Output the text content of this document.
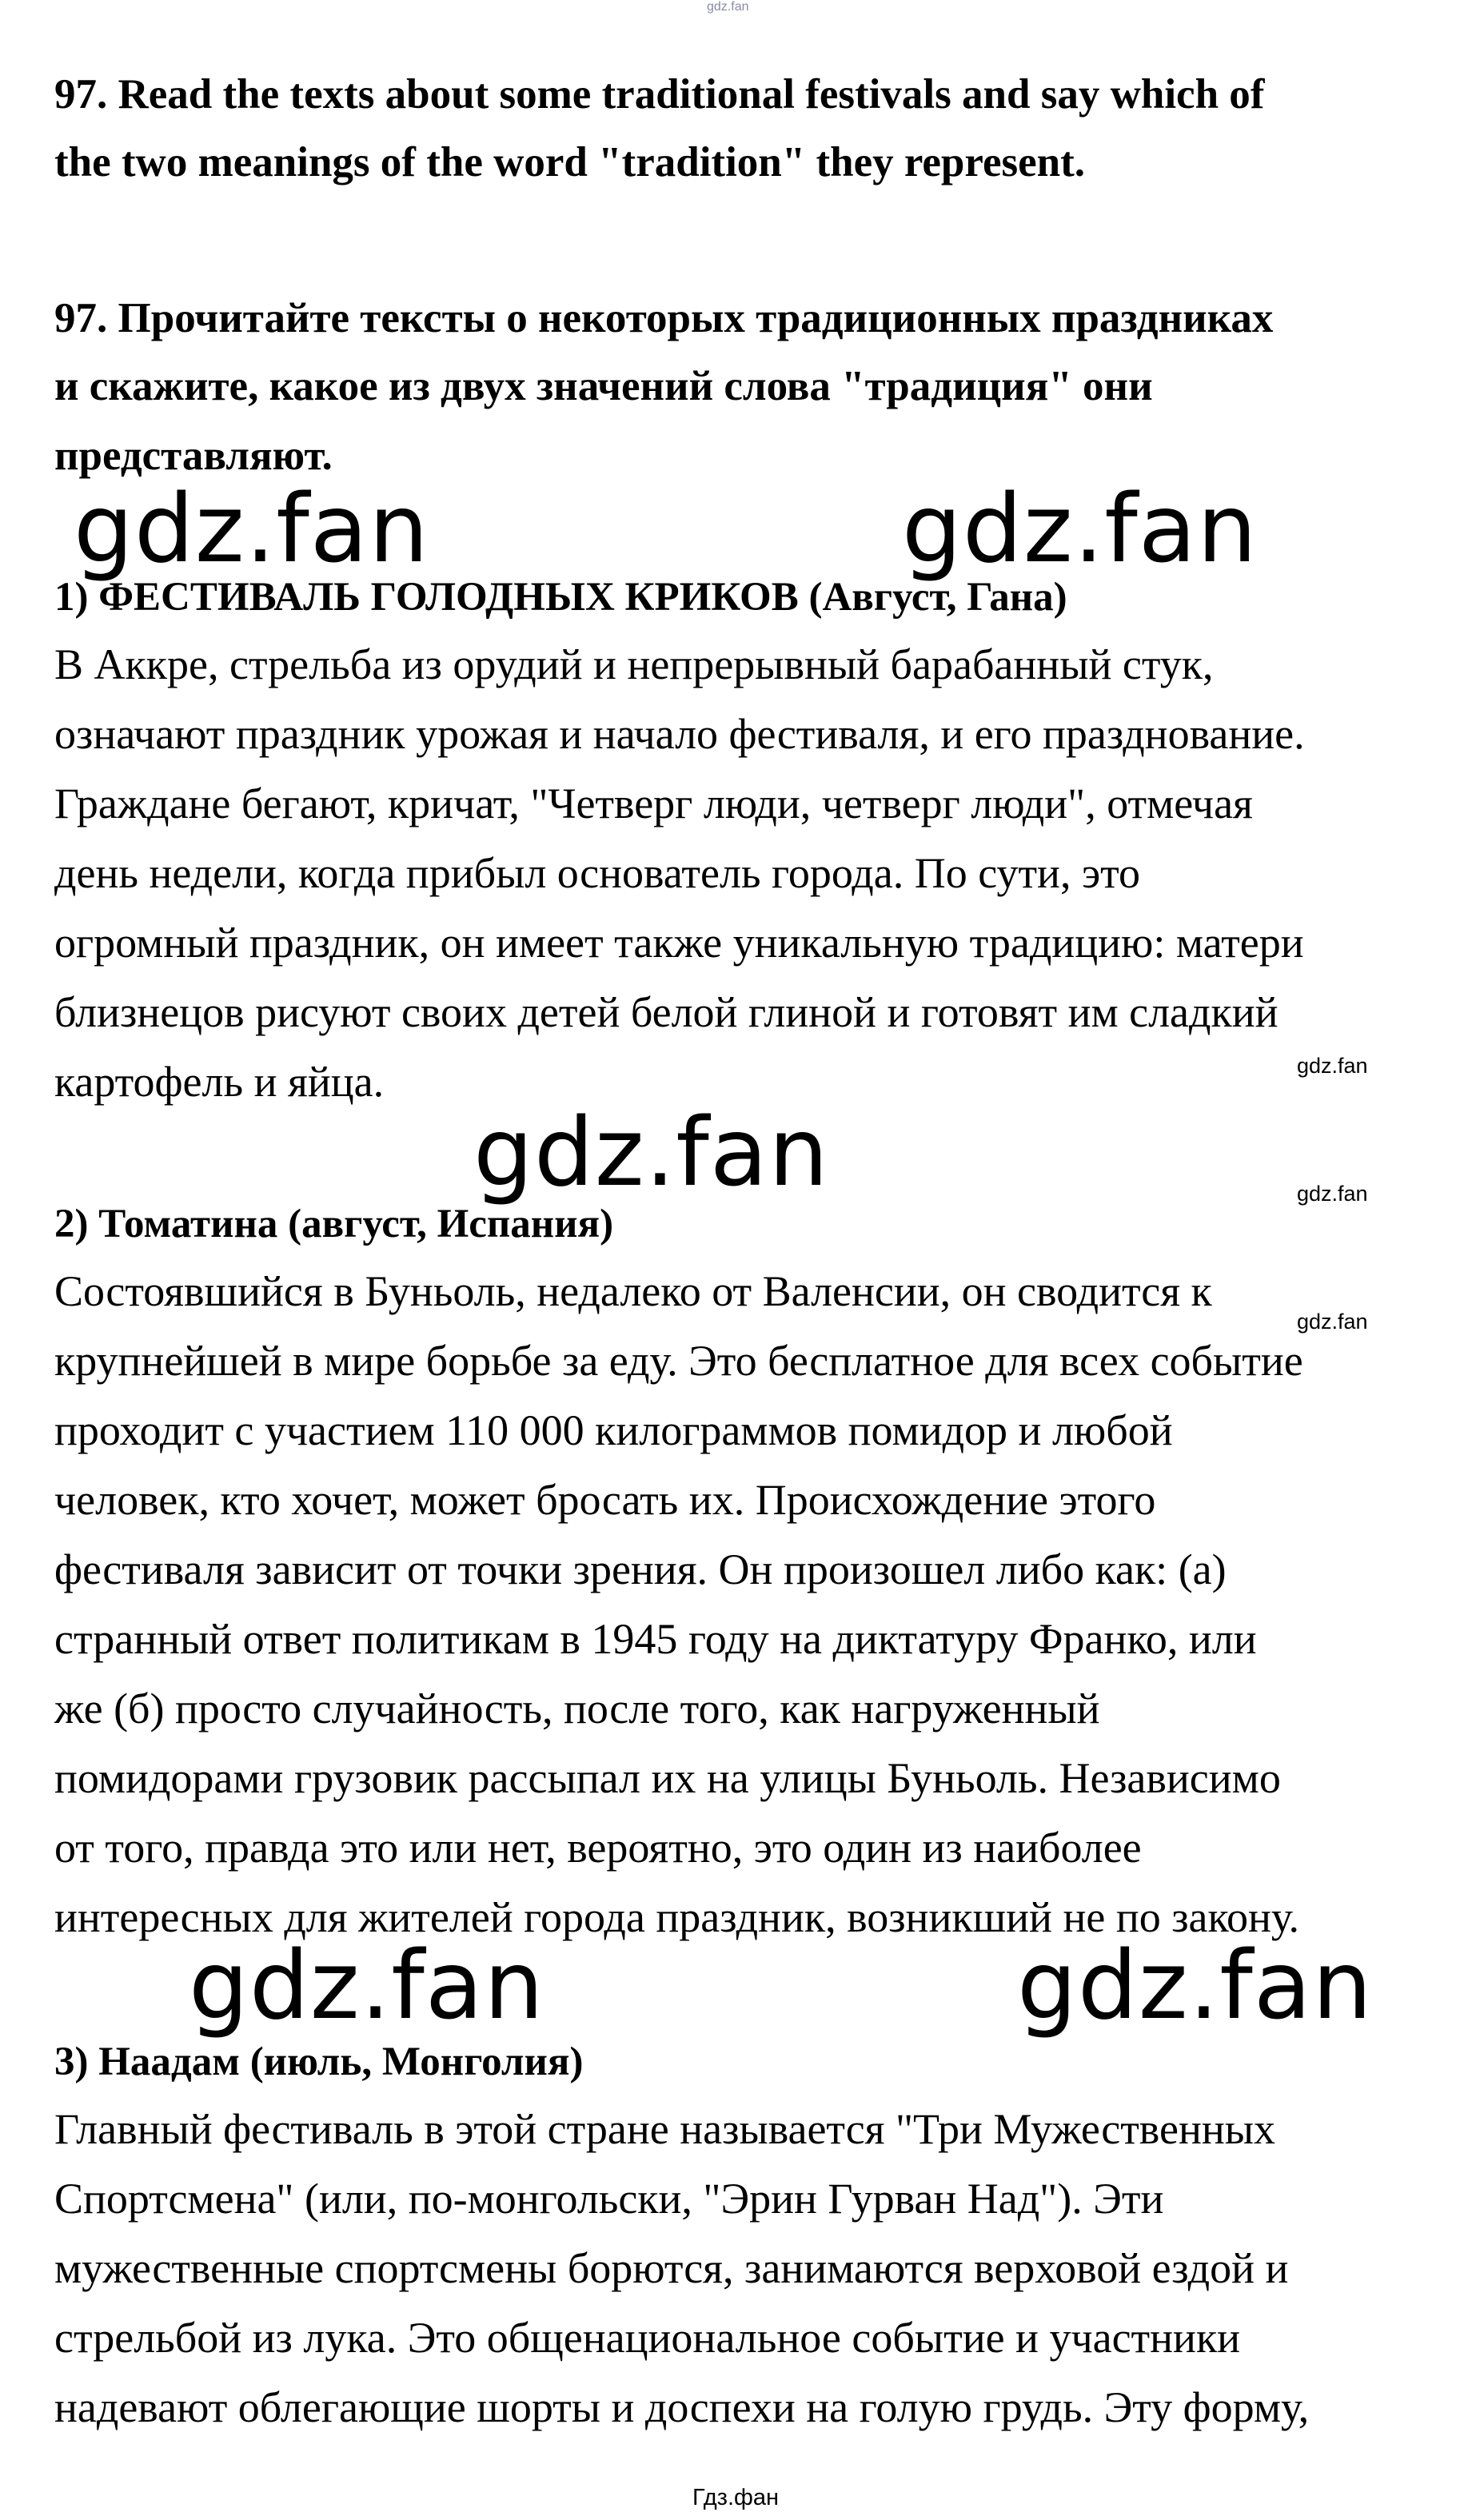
gdz.fan
97. Read the texts about some traditional festivals and say which of
the two meanings of the word "tradition" they represent.
97. Прочитайте тексты о некоторых традиционных праздниках
и скажите, какое из двух значений слова "традиция" они
представляют.
gdz.fan	gdz.fan
1) ФЕСТИВАЛЬ ГОЛОДНЫХ КРИКОВ (Август, Гана)
В Аккре, стрельба из орудий и непрерывный барабанный стук,
означают праздник урожая и начало фестиваля, и его празднование.
Граждане бегают, кричат, "Четверг люди, четверг люди", отмечая
день недели, когда прибыл основатель города. По сути, это
огромный праздник, он имеет также уникальную традицию: матери
близнецов рисуют своих детей белой глиной и готовят им сладкий
картофель и яйца.	gdz.fan
gdz.fan
gdz.fan
gdz.fan
2) Томатина (август, Испания)
Состоявшийся в Буньоль, недалеко от Валенсии, он сводится к
крупнейшей в мире борьбе за еду. Это бесплатное для всех событие
проходит с участием 110 000 килограммов помидор и любой
человек, кто хочет, может бросать их. Происхождение этого
фестиваля зависит от точки зрения. Он произошел либо как: (а)
странный ответ политикам в 1945 году на диктатуру Франко, или
же (б) просто случайность, после того, как нагруженный
помидорами грузовик рассыпал их на улицы Буньоль. Независимо
от того, правда это или нет, вероятно, это один из наиболее
интересных для жителей города праздник, возникший не по закону.
gdz.fan	gdz.fan
3) Наадам (июль, Монголия)
Главный фестиваль в этой стране называется "Три Мужественных
Спортсмена" (или, по-монгольски, "Эрин Гурван Над"). Эти
мужественные спортсмены борются, занимаются верховой ездой и
стрельбой из лука. Это общенациональное событие и участники
надевают облегающие шорты и доспехи на голую грудь. Эту форму,
Гдз.фан
